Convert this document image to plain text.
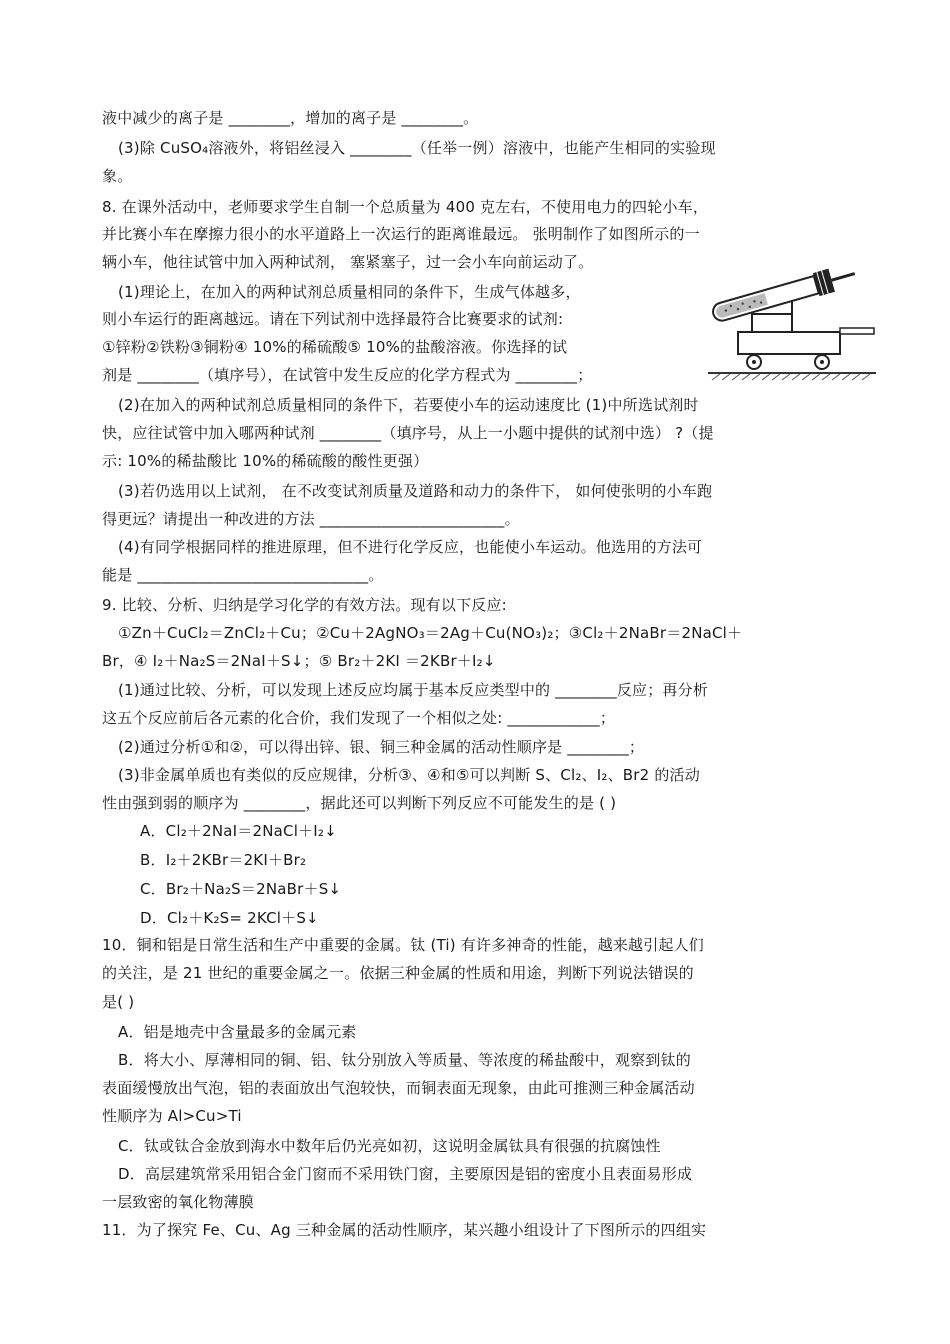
液中减少的离子是 ________，增加的离子是 ________。
(3)除 CuSO₄溶液外，将铝丝浸入 ________（任举一例）溶液中，也能产生相同的实验现
象。
8. 在课外活动中，老师要求学生自制一个总质量为 400 克左右，不使用电力的四轮小车，
并比赛小车在摩擦力很小的水平道路上一次运行的距离谁最远。 张明制作了如图所示的一
辆小车，他往试管中加入两种试剂， 塞紧塞子，过一会小车向前运动了。
(1)理论上，在加入的两种试剂总质量相同的条件下，生成气体越多，
则小车运行的距离越远。请在下列试剂中选择最符合比赛要求的试剂:
①锌粉②铁粉③铜粉④ 10%的稀硫酸⑤ 10%的盐酸溶液。你选择的试
剂是 ________（填序号），在试管中发生反应的化学方程式为 ________；
(2)在加入的两种试剂总质量相同的条件下，若要使小车的运动速度比 (1)中所选试剂时
快，应往试管中加入哪两种试剂 ________（填序号，从上一小题中提供的试剂中选） ?（提
示: 10%的稀盐酸比 10%的稀硫酸的酸性更强）
(3)若仍选用以上试剂， 在不改变试剂质量及道路和动力的条件下， 如何使张明的小车跑
得更远？请提出一种改进的方法 ________________________。
(4)有同学根据同样的推进原理，但不进行化学反应，也能使小车运动。他选用的方法可
能是 ______________________________。
9. 比较、分析、归纳是学习化学的有效方法。现有以下反应:
①Zn＋CuCl₂＝ZnCl₂＋Cu；②Cu＋2AgNO₃＝2Ag＋Cu(NO₃)₂；③Cl₂＋2NaBr＝2NaCl＋
Br，④ I₂＋Na₂S＝2NaI＋S↓；⑤ Br₂＋2KI ＝2KBr＋I₂↓
(1)通过比较、分析，可以发现上述反应均属于基本反应类型中的 ________反应；再分析
这五个反应前后各元素的化合价，我们发现了一个相似之处: ____________；
(2)通过分析①和②，可以得出锌、银、铜三种金属的活动性顺序是 ________；
(3)非金属单质也有类似的反应规律，分析③、④和⑤可以判断 S、Cl₂、I₂、Br2 的活动
性由强到弱的顺序为 ________，据此还可以判断下列反应不可能发生的是 ( )
A．Cl₂＋2NaI＝2NaCl＋I₂↓
B．I₂＋2KBr＝2KI＋Br₂
C．Br₂＋Na₂S＝2NaBr＋S↓
D．Cl₂＋K₂S= 2KCl＋S↓
10．铜和铝是日常生活和生产中重要的金属。钛 (Ti) 有许多神奇的性能，越来越引起人们
的关注，是 21 世纪的重要金属之一。依据三种金属的性质和用途，判断下列说法错误的
是( )
A．铝是地壳中含量最多的金属元素
B．将大小、厚薄相同的铜、铝、钛分别放入等质量、等浓度的稀盐酸中，观察到钛的
表面缓慢放出气泡，铝的表面放出气泡较快，而铜表面无现象，由此可推测三种金属活动
性顺序为 Al>Cu>Ti
C．钛或钛合金放到海水中数年后仍光亮如初，这说明金属钛具有很强的抗腐蚀性
D．高层建筑常采用铝合金门窗而不采用铁门窗，主要原因是铝的密度小且表面易形成
一层致密的氧化物薄膜
11．为了探究 Fe、Cu、Ag 三种金属的活动性顺序，某兴趣小组设计了下图所示的四组实
